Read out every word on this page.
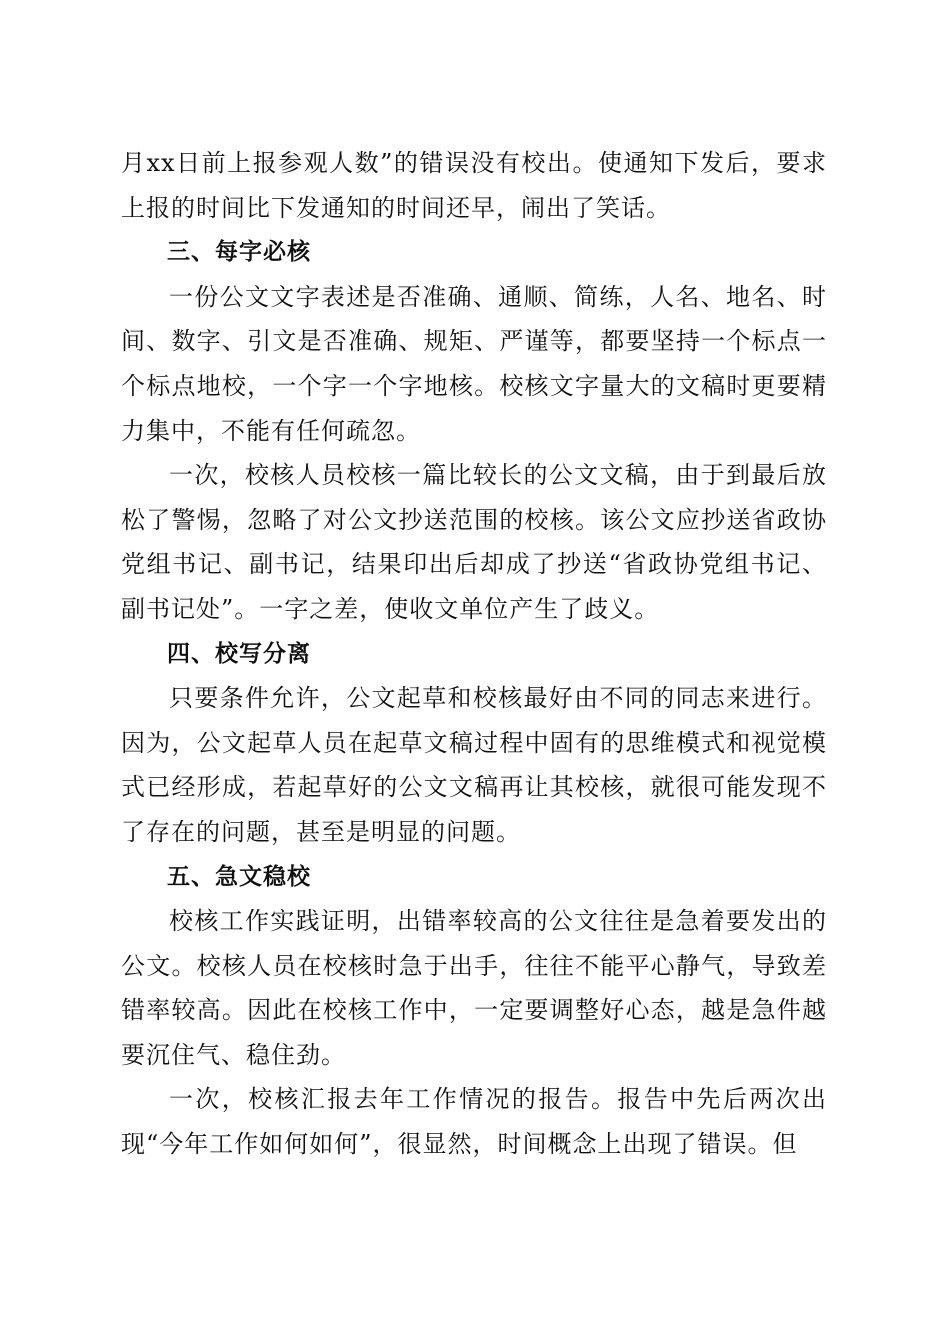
月xx日前上报参观人数”的错误没有校出。使通知下发后，要求上报的时间比下发通知的时间还早，闹出了笑话。

三、每字必核

一份公文文字表述是否准确、通顺、简练，人名、地名、时间、数字、引文是否准确、规矩、严谨等，都要坚持一个标点一个标点地校，一个字一个字地核。校核文字量大的文稿时更要精力集中，不能有任何疏忽。

一次，校核人员校核一篇比较长的公文文稿，由于到最后放松了警惕，忽略了对公文抄送范围的校核。该公文应抄送省政协党组书记、副书记，结果印出后却成了抄送“省政协党组书记、副书记处”。一字之差，使收文单位产生了歧义。

四、校写分离

只要条件允许，公文起草和校核最好由不同的同志来进行。因为，公文起草人员在起草文稿过程中固有的思维模式和视觉模式已经形成，若起草好的公文文稿再让其校核，就很可能发现不了存在的问题，甚至是明显的问题。

五、急文稳校

校核工作实践证明，出错率较高的公文往往是急着要发出的公文。校核人员在校核时急于出手，往往不能平心静气，导致差错率较高。因此在校核工作中，一定要调整好心态，越是急件越要沉住气、稳住劲。

一次，校核汇报去年工作情况的报告。报告中先后两次出现“今年工作如何如何”，很显然，时间概念上出现了错误。但
